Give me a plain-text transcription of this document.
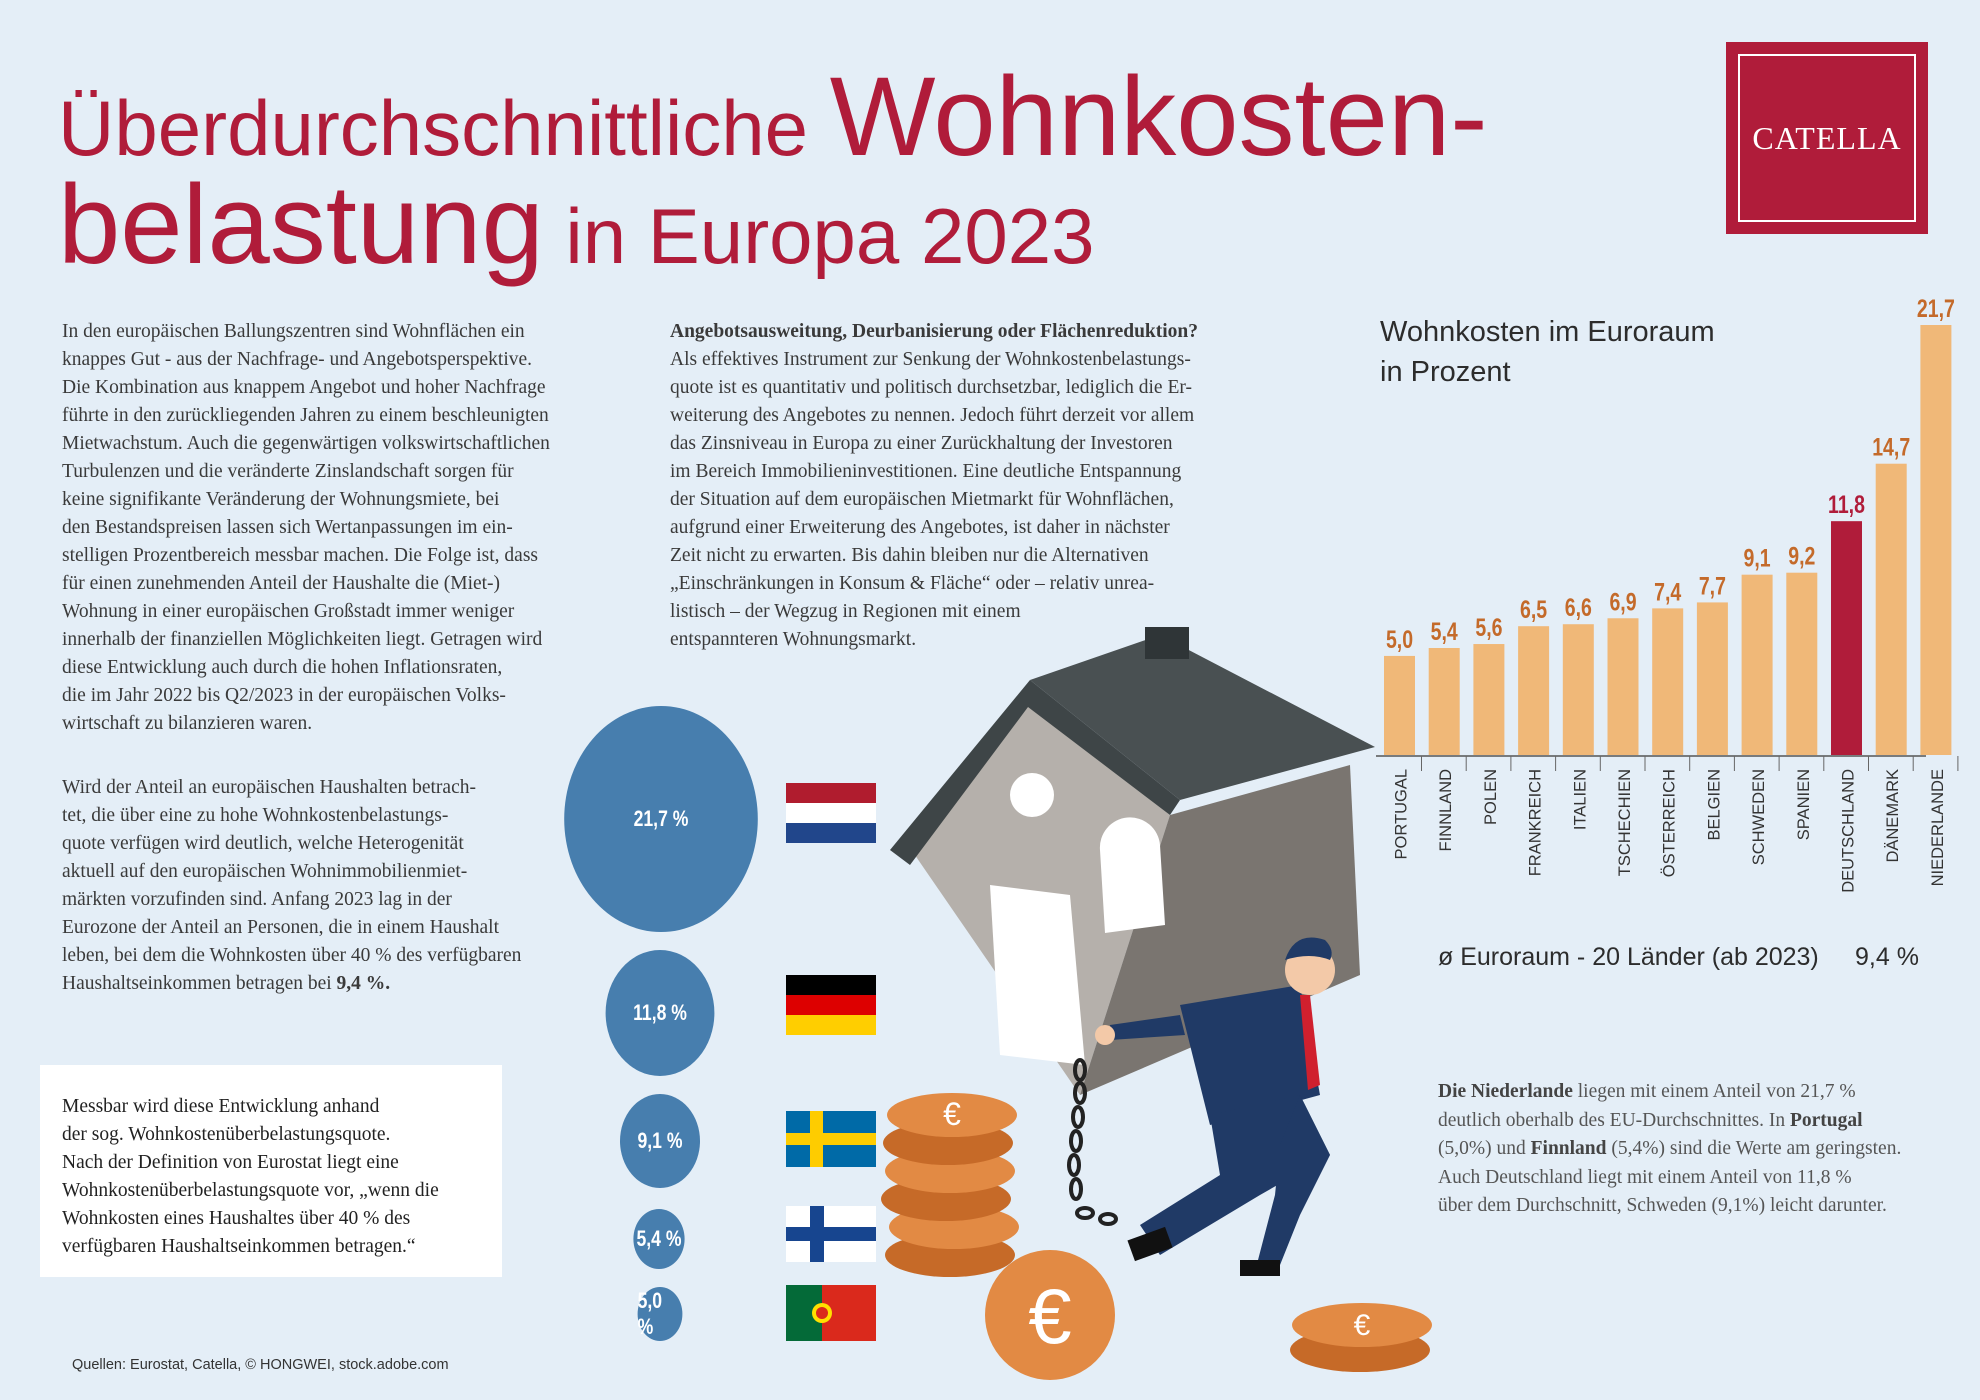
Überdurchschnittliche Wohnkosten-
belastung in Europa 2023
CATELLA
In den europäischen Ballungszentren sind Wohnflächen ein
knappes Gut - aus der Nachfrage- und Angebotsperspektive.
Die Kombination aus knappem Angebot und hoher Nachfrage
führte in den zurückliegenden Jahren zu einem beschleunigten
Mietwachstum. Auch die gegenwärtigen volkswirtschaftlichen
Turbulenzen und die veränderte Zinslandschaft sorgen für
keine signifikante Veränderung der Wohnungsmiete, bei
den Bestandspreisen lassen sich Wertanpassungen im ein-
stelligen Prozentbereich messbar machen. Die Folge ist, dass
für einen zunehmenden Anteil der Haushalte die (Miet-)
Wohnung in einer europäischen Großstadt immer weniger
innerhalb der finanziellen Möglichkeiten liegt. Getragen wird
diese Entwicklung auch durch die hohen Inflationsraten,
die im Jahr 2022 bis Q2/2023 in der europäischen Volks-
wirtschaft zu bilanzieren waren.
Wird der Anteil an europäischen Haushalten betrach-
tet, die über eine zu hohe Wohnkostenbelastungs-
quote verfügen wird deutlich, welche Heterogenität
aktuell auf den europäischen Wohnimmobilienmiet-
märkten vorzufinden sind. Anfang 2023 lag in der
Eurozone der Anteil an Personen, die in einem Haushalt
leben, bei dem die Wohnkosten über 40 % des verfügbaren
Haushaltseinkommen betragen bei 9,4 %.
Angebotsausweitung, Deurbanisierung oder Flächenreduktion?
Als effektives Instrument zur Senkung der Wohnkostenbelastungs-
quote ist es quantitativ und politisch durchsetzbar, lediglich die Er-
weiterung des Angebotes zu nennen. Jedoch führt derzeit vor allem
das Zinsniveau in Europa zu einer Zurückhaltung der Investoren
im Bereich Immobilieninvestitionen. Eine deutliche Entspannung
der Situation auf dem europäischen Mietmarkt für Wohnflächen,
aufgrund einer Erweiterung des Angebotes, ist daher in nächster
Zeit nicht zu erwarten. Bis dahin bleiben nur die Alternativen
„Einschränkungen in Konsum & Fläche“ oder – relativ unrea-
listisch – der Wegzug in Regionen mit einem
entspannteren Wohnungsmarkt.
Messbar wird diese Entwicklung anhand
der sog. Wohnkostenüberbelastungsquote.
Nach der Definition von Eurostat liegt eine
Wohnkostenüberbelastungsquote vor, „wenn die
Wohnkosten eines Haushaltes über 40 % des
verfügbaren Haushaltseinkommen betragen.“
21,7 %
11,8 %
9,1 %
5,4 %
5,0 %
€
€	€
Wohnkosten im Euroraum
in Prozent
5,0
PORTUGAL
5,4
FINNLAND
5,6
POLEN
6,5
FRANKREICH
6,6
ITALIEN
6,9
TSCHECHIEN
7,4
ÖSTERREICH
7,7
BELGIEN
9,1
SCHWEDEN
9,2
SPANIEN
11,8
DEUTSCHLAND
14,7
DÄNEMARK
21,7
NIEDERLANDE
ø Euroraum - 20 Länder (ab 2023) 9,4 %
Die Niederlande liegen mit einem Anteil von 21,7 %
deutlich oberhalb des EU-Durchschnittes. In Portugal
(5,0%) und Finnland (5,4%) sind die Werte am geringsten.
Auch Deutschland liegt mit einem Anteil von 11,8 %
über dem Durchschnitt, Schweden (9,1%) leicht darunter.
Quellen: Eurostat, Catella, © HONGWEI, stock.adobe.com
